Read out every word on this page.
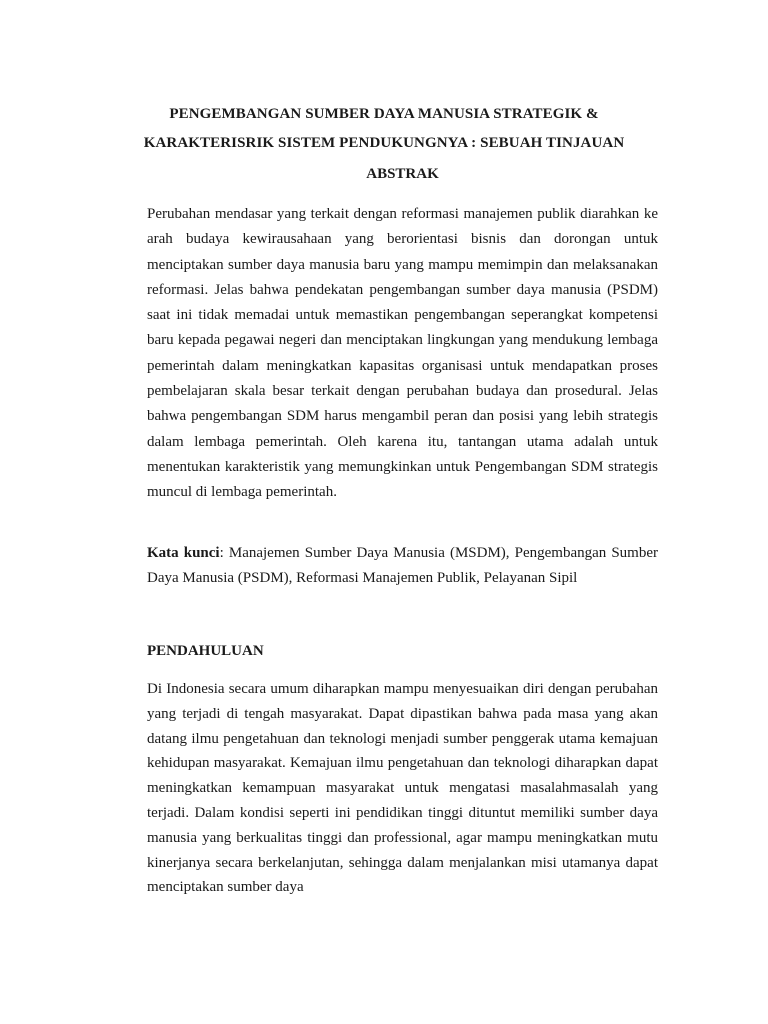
PENGEMBANGAN SUMBER DAYA MANUSIA STRATEGIK &
KARAKTERISRIK SISTEM PENDUKUNGNYA : SEBUAH TINJAUAN
ABSTRAK

Perubahan mendasar yang terkait dengan reformasi manajemen publik diarahkan ke arah budaya kewirausahaan yang berorientasi bisnis dan dorongan untuk menciptakan sumber daya manusia baru yang mampu memimpin dan melaksanakan reformasi. Jelas bahwa pendekatan pengembangan sumber daya manusia (PSDM) saat ini tidak memadai untuk memastikan pengembangan seperangkat kompetensi baru kepada pegawai negeri dan menciptakan lingkungan yang mendukung lembaga pemerintah dalam meningkatkan kapasitas organisasi untuk mendapatkan proses pembelajaran skala besar terkait dengan perubahan budaya dan prosedural. Jelas bahwa pengembangan SDM harus mengambil peran dan posisi yang lebih strategis dalam lembaga pemerintah. Oleh karena itu, tantangan utama adalah untuk menentukan karakteristik yang memungkinkan untuk Pengembangan SDM strategis muncul di lembaga pemerintah.

Kata kunci: Manajemen Sumber Daya Manusia (MSDM), Pengembangan Sumber Daya Manusia (PSDM), Reformasi Manajemen Publik, Pelayanan Sipil

PENDAHULUAN

Di Indonesia secara umum diharapkan mampu menyesuaikan diri dengan perubahan yang terjadi di tengah masyarakat. Dapat dipastikan bahwa pada masa yang akan datang ilmu pengetahuan dan teknologi menjadi sumber penggerak utama kemajuan kehidupan masyarakat. Kemajuan ilmu pengetahuan dan teknologi diharapkan dapat meningkatkan kemampuan masyarakat untuk mengatasi masalahmasalah yang terjadi. Dalam kondisi seperti ini pendidikan tinggi dituntut memiliki sumber daya manusia yang berkualitas tinggi dan professional, agar mampu meningkatkan mutu kinerjanya secara berkelanjutan, sehingga dalam menjalankan misi utamanya dapat menciptakan sumber daya
